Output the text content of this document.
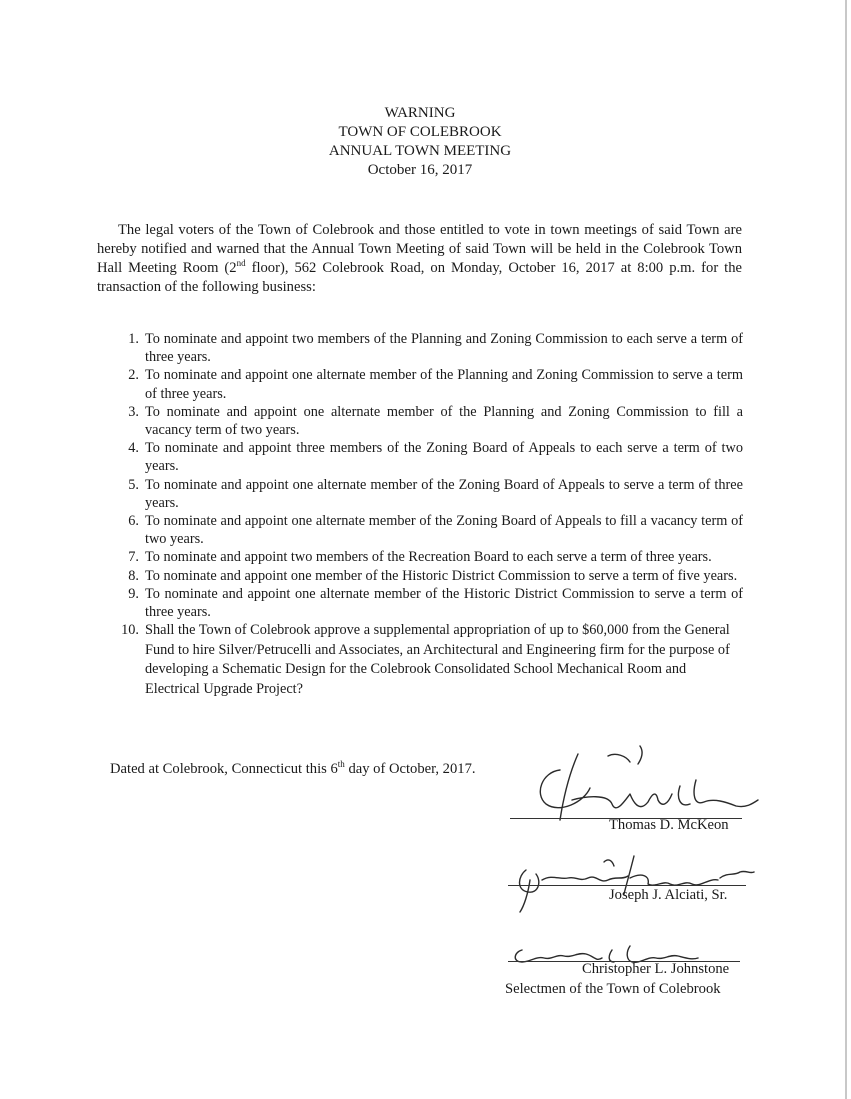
WARNING
TOWN OF COLEBROOK
ANNUAL TOWN MEETING
October 16, 2017

The legal voters of the Town of Colebrook and those entitled to vote in town meetings of said Town are hereby notified and warned that the Annual Town Meeting of said Town will be held in the Colebrook Town Hall Meeting Room (2nd floor), 562 Colebrook Road, on Monday, October 16, 2017 at 8:00 p.m. for the transaction of the following business:

1. To nominate and appoint two members of the Planning and Zoning Commission to each serve a term of three years.
2. To nominate and appoint one alternate member of the Planning and Zoning Commission to serve a term of three years.
3. To nominate and appoint one alternate member of the Planning and Zoning Commission to fill a vacancy term of two years.
4. To nominate and appoint three members of the Zoning Board of Appeals to each serve a term of two years.
5. To nominate and appoint one alternate member of the Zoning Board of Appeals to serve a term of three years.
6. To nominate and appoint one alternate member of the Zoning Board of Appeals to fill a vacancy term of two years.
7. To nominate and appoint two members of the Recreation Board to each serve a term of three years.
8. To nominate and appoint one member of the Historic District Commission to serve a term of five years.
9. To nominate and appoint one alternate member of the Historic District Commission to serve a term of three years.
10. Shall the Town of Colebrook approve a supplemental appropriation of up to $60,000 from the General Fund to hire Silver/Petrucelli and Associates, an Architectural and Engineering firm for the purpose of developing a Schematic Design for the Colebrook Consolidated School Mechanical Room and Electrical Upgrade Project?
Dated at Colebrook, Connecticut this 6th day of October, 2017.
Thomas D. McKeon
Joseph J. Alciati, Sr.
Christopher L. Johnstone
Selectmen of the Town of Colebrook
